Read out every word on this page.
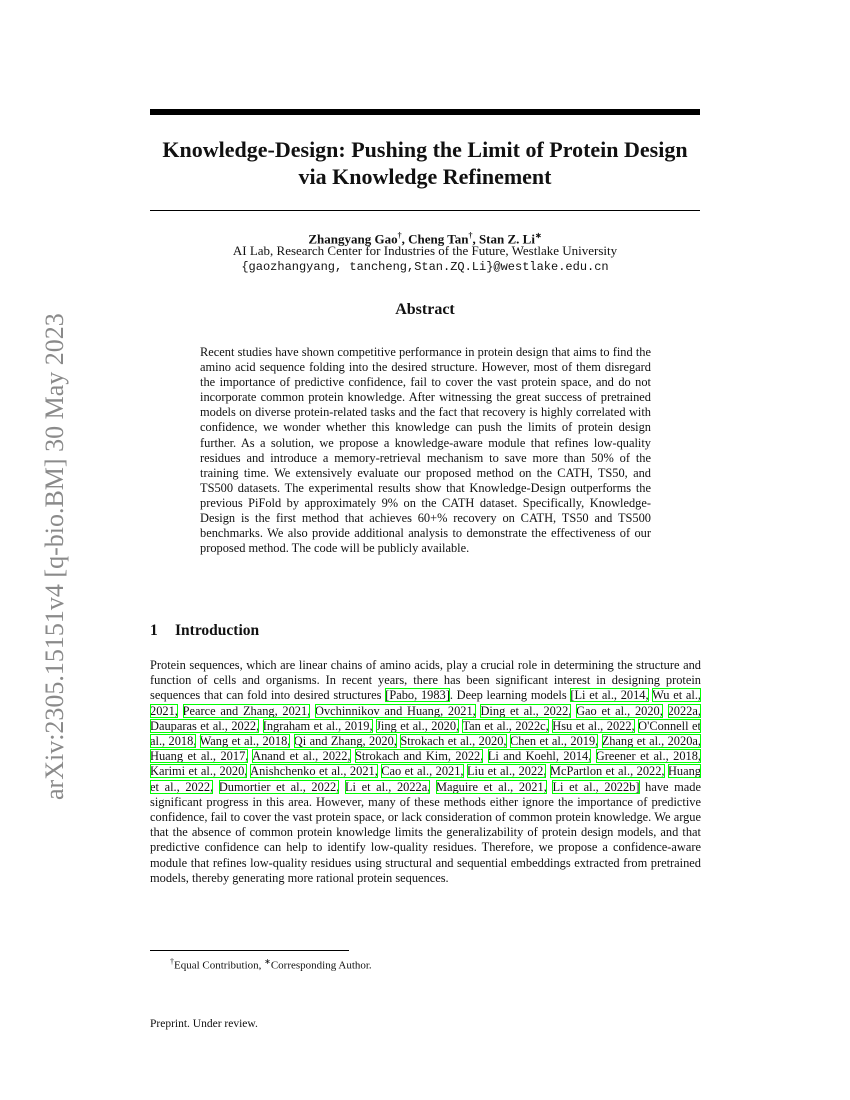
Knowledge-Design: Pushing the Limit of Protein Design via Knowledge Refinement
Zhangyang Gao†, Cheng Tan†, Stan Z. Li∗
AI Lab, Research Center for Industries of the Future, Westlake University
{gaozhangyang, tancheng,Stan.ZQ.Li}@westlake.edu.cn
Abstract
Recent studies have shown competitive performance in protein design that aims to find the amino acid sequence folding into the desired structure. However, most of them disregard the importance of predictive confidence, fail to cover the vast protein space, and do not incorporate common protein knowledge. After witnessing the great success of pretrained models on diverse protein-related tasks and the fact that recovery is highly correlated with confidence, we wonder whether this knowledge can push the limits of protein design further. As a solution, we propose a knowledge-aware module that refines low-quality residues and introduce a memory-retrieval mechanism to save more than 50% of the training time. We extensively evaluate our proposed method on the CATH, TS50, and TS500 datasets. The experimental results show that Knowledge-Design outperforms the previous PiFold by approximately 9% on the CATH dataset. Specifically, Knowledge-Design is the first method that achieves 60+% recovery on CATH, TS50 and TS500 benchmarks. We also provide additional analysis to demonstrate the effectiveness of our proposed method. The code will be publicly available.
1 Introduction
Protein sequences, which are linear chains of amino acids, play a crucial role in determining the structure and function of cells and organisms. In recent years, there has been significant interest in designing protein sequences that can fold into desired structures [Pabo, 1983]. Deep learning models [Li et al., 2014, Wu et al., 2021, Pearce and Zhang, 2021, Ovchinnikov and Huang, 2021, Ding et al., 2022, Gao et al., 2020, 2022a, Dauparas et al., 2022, Ingraham et al., 2019, Jing et al., 2020, Tan et al., 2022c, Hsu et al., 2022, O'Connell et al., 2018, Wang et al., 2018, Qi and Zhang, 2020, Strokach et al., 2020, Chen et al., 2019, Zhang et al., 2020a, Huang et al., 2017, Anand et al., 2022, Strokach and Kim, 2022, Li and Koehl, 2014, Greener et al., 2018, Karimi et al., 2020, Anishchenko et al., 2021, Cao et al., 2021, Liu et al., 2022, McPartlon et al., 2022, Huang et al., 2022, Dumortier et al., 2022, Li et al., 2022a, Maguire et al., 2021, Li et al., 2022b] have made significant progress in this area. However, many of these methods either ignore the importance of predictive confidence, fail to cover the vast protein space, or lack consideration of common protein knowledge. We argue that the absence of common protein knowledge limits the generalizability of protein design models, and that predictive confidence can help to identify low-quality residues. Therefore, we propose a confidence-aware module that refines low-quality residues using structural and sequential embeddings extracted from pretrained models, thereby generating more rational protein sequences.
†Equal Contribution, ∗Corresponding Author.
Preprint. Under review.
arXiv:2305.15151v4 [q-bio.BM] 30 May 2023
